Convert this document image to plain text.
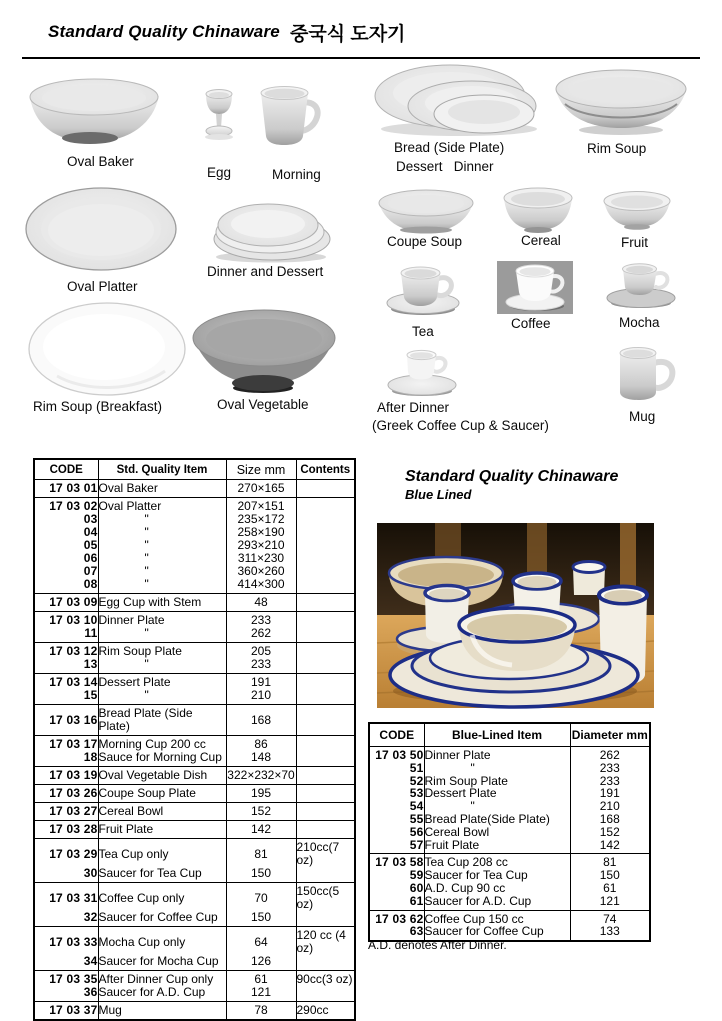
Standard Quality Chinaware 중국식 도자기
Oval Baker
Egg	Morning
Bread (Side Plate)
Dessert   Dinner
Rim Soup
Oval Platter
Dinner and Dessert
Coupe Soup	Cereal	Fruit
Tea
Coffee	Mocha
Rim Soup (Breakfast)	Oval Vegetable	After Dinner
(Greek Coffee Cup & Saucer)
Mug
CODE	Std. Quality Item	Size mm	Contents
17 03 01	Oval Baker	270×165	
17 03 02	Oval Platter	207×151	
03	"	235×172	
04	"	258×190	
05	"	293×210	
06	"	311×230	
07	"	360×260	
08	"	414×300	
17 03 09	Egg Cup with Stem	48	
17 03 10	Dinner Plate	233	
11	"	262	
17 03 12	Rim Soup Plate	205	
13	"	233	
17 03 14	Dessert Plate	191	
15	"	210	
17 03 16	Bread Plate (Side Plate)	168	
17 03 17	Morning Cup 200 cc	86	
18	Sauce for Morning Cup	148	
17 03 19	Oval Vegetable Dish	322×232×70	
17 03 26	Coupe Soup Plate	195	
17 03 27	Cereal Bowl	152	
17 03 28	Fruit Plate	142	
17 03 29	Tea Cup only	81	210cc(7 oz)
30	Saucer for Tea Cup	150	
17 03 31	Coffee Cup only	70	150cc(5 oz)
32	Saucer for Coffee Cup	150	
17 03 33	Mocha Cup only	64	120 cc (4 oz)
34	Saucer for Mocha Cup	126	
17 03 35	After Dinner Cup only	61	90cc(3 oz)
36	Saucer for A.D. Cup	121	
17 03 37	Mug	78	290cc
Standard Quality Chinaware
Blue Lined
CODE	Blue-Lined Item	Diameter mm
17 03 50	Dinner Plate	262
51	"	233
52	Rim Soup Plate	233
53	Dessert Plate	191
54	"	210
55	Bread Plate(Side Plate)	168
56	Cereal Bowl	152
57	Fruit Plate	142
17 03 58	Tea Cup 208 cc	81
59	Saucer for Tea Cup	150
60	A.D. Cup 90 cc	61
61	Saucer for A.D. Cup	121
17 03 62	Coffee Cup 150 cc	74
63	Saucer for Coffee Cup	133
A.D. denotes After Dinner.
